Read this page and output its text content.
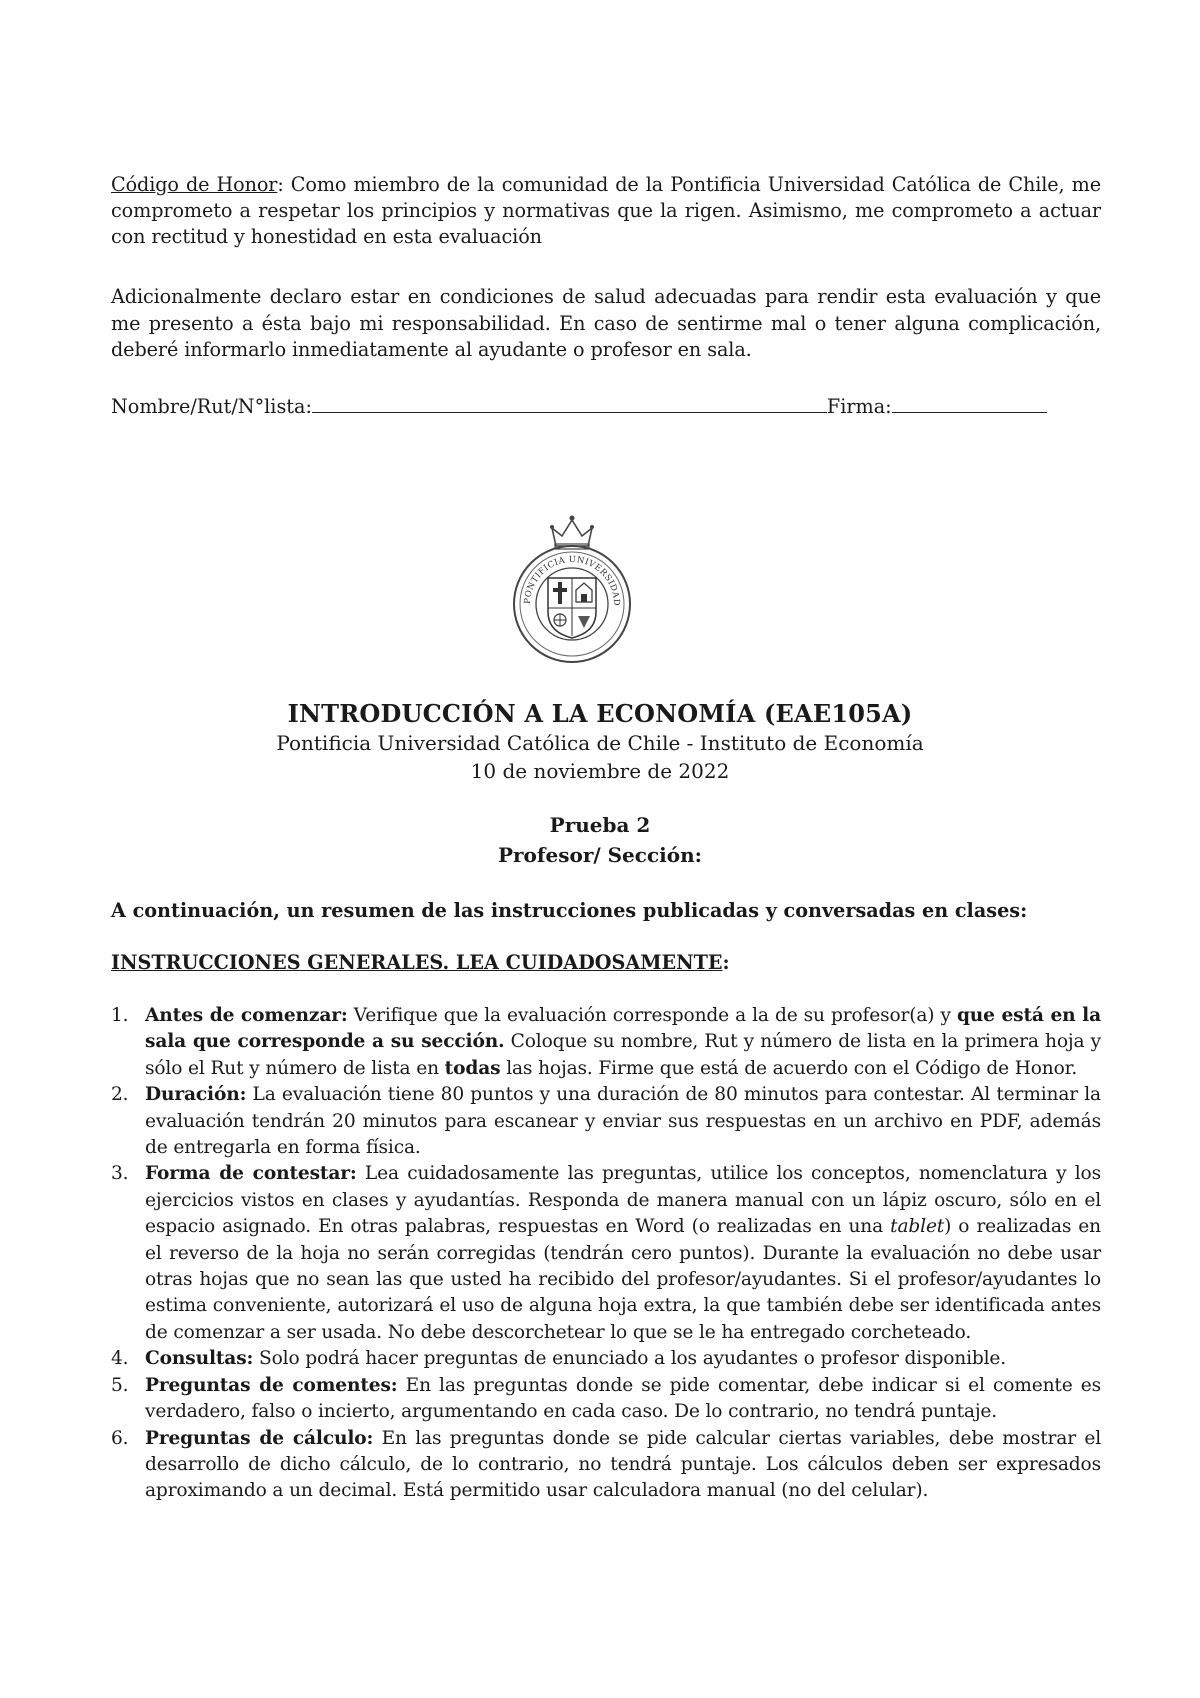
Código de Honor: Como miembro de la comunidad de la Pontificia Universidad Católica de Chile, me comprometo a respetar los principios y normativas que la rigen. Asimismo, me comprometo a actuar con rectitud y honestidad en esta evaluación

Adicionalmente declaro estar en condiciones de salud adecuadas para rendir esta evaluación y que me presento a ésta bajo mi responsabilidad. En caso de sentirme mal o tener alguna complicación, deberé informarlo inmediatamente al ayudante o profesor en sala.

Nombre/Rut/N°lista:	Firma:
PONTIFICIA UNIVERSIDAD
INTRODUCCIÓN A LA ECONOMÍA (EAE105A)
Pontificia Universidad Católica de Chile - Instituto de Economía
10 de noviembre de 2022
Prueba 2
Profesor/ Sección:
A continuación, un resumen de las instrucciones publicadas y conversadas en clases:
INSTRUCCIONES GENERALES. LEA CUIDADOSAMENTE:
1. Antes de comenzar: Verifique que la evaluación corresponde a la de su profesor(a) y que está en la sala que corresponde a su sección. Coloque su nombre, Rut y número de lista en la primera hoja y sólo el Rut y número de lista en todas las hojas. Firme que está de acuerdo con el Código de Honor.
2. Duración: La evaluación tiene 80 puntos y una duración de 80 minutos para contestar. Al terminar la evaluación tendrán 20 minutos para escanear y enviar sus respuestas en un archivo en PDF, además de entregarla en forma física.
3. Forma de contestar: Lea cuidadosamente las preguntas, utilice los conceptos, nomenclatura y los ejercicios vistos en clases y ayudantías. Responda de manera manual con un lápiz oscuro, sólo en el espacio asignado. En otras palabras, respuestas en Word (o realizadas en una tablet) o realizadas en el reverso de la hoja no serán corregidas (tendrán cero puntos). Durante la evaluación no debe usar otras hojas que no sean las que usted ha recibido del profesor/ayudantes. Si el profesor/ayudantes lo estima conveniente, autorizará el uso de alguna hoja extra, la que también debe ser identificada antes de comenzar a ser usada. No debe descorchetear lo que se le ha entregado corcheteado.
4. Consultas: Solo podrá hacer preguntas de enunciado a los ayudantes o profesor disponible.
5. Preguntas de comentes: En las preguntas donde se pide comentar, debe indicar si el comente es verdadero, falso o incierto, argumentando en cada caso. De lo contrario, no tendrá puntaje.
6. Preguntas de cálculo: En las preguntas donde se pide calcular ciertas variables, debe mostrar el desarrollo de dicho cálculo, de lo contrario, no tendrá puntaje. Los cálculos deben ser expresados aproximando a un decimal. Está permitido usar calculadora manual (no del celular).
